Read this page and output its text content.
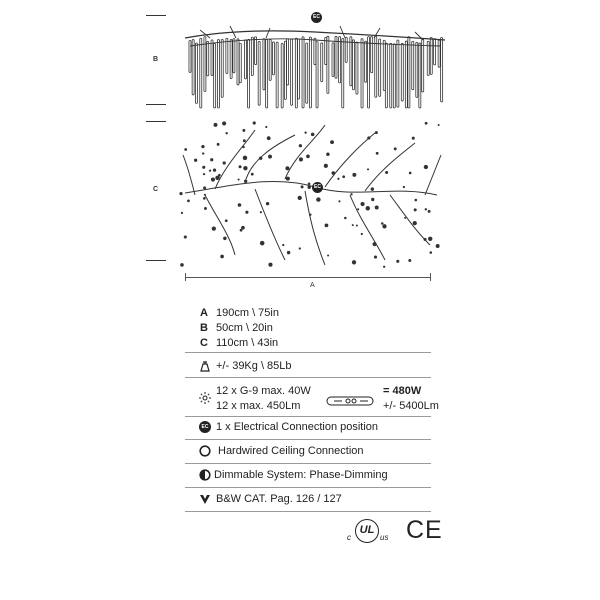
B
EC
C	EC
A
A 190cm \ 75in
B 50cm \ 20in
C 110cm \ 43in
+/- 39Kg \ 85Lb
12 x G-9 max. 40W
12 x max. 450Lm
= 480W
+/- 5400Lm
EC 1 x Electrical Connection position
Hardwired Ceiling Connection
Dimmable System: Phase-Dimming
B&W CAT. Pag. 126 / 127
c
UL
us CE
